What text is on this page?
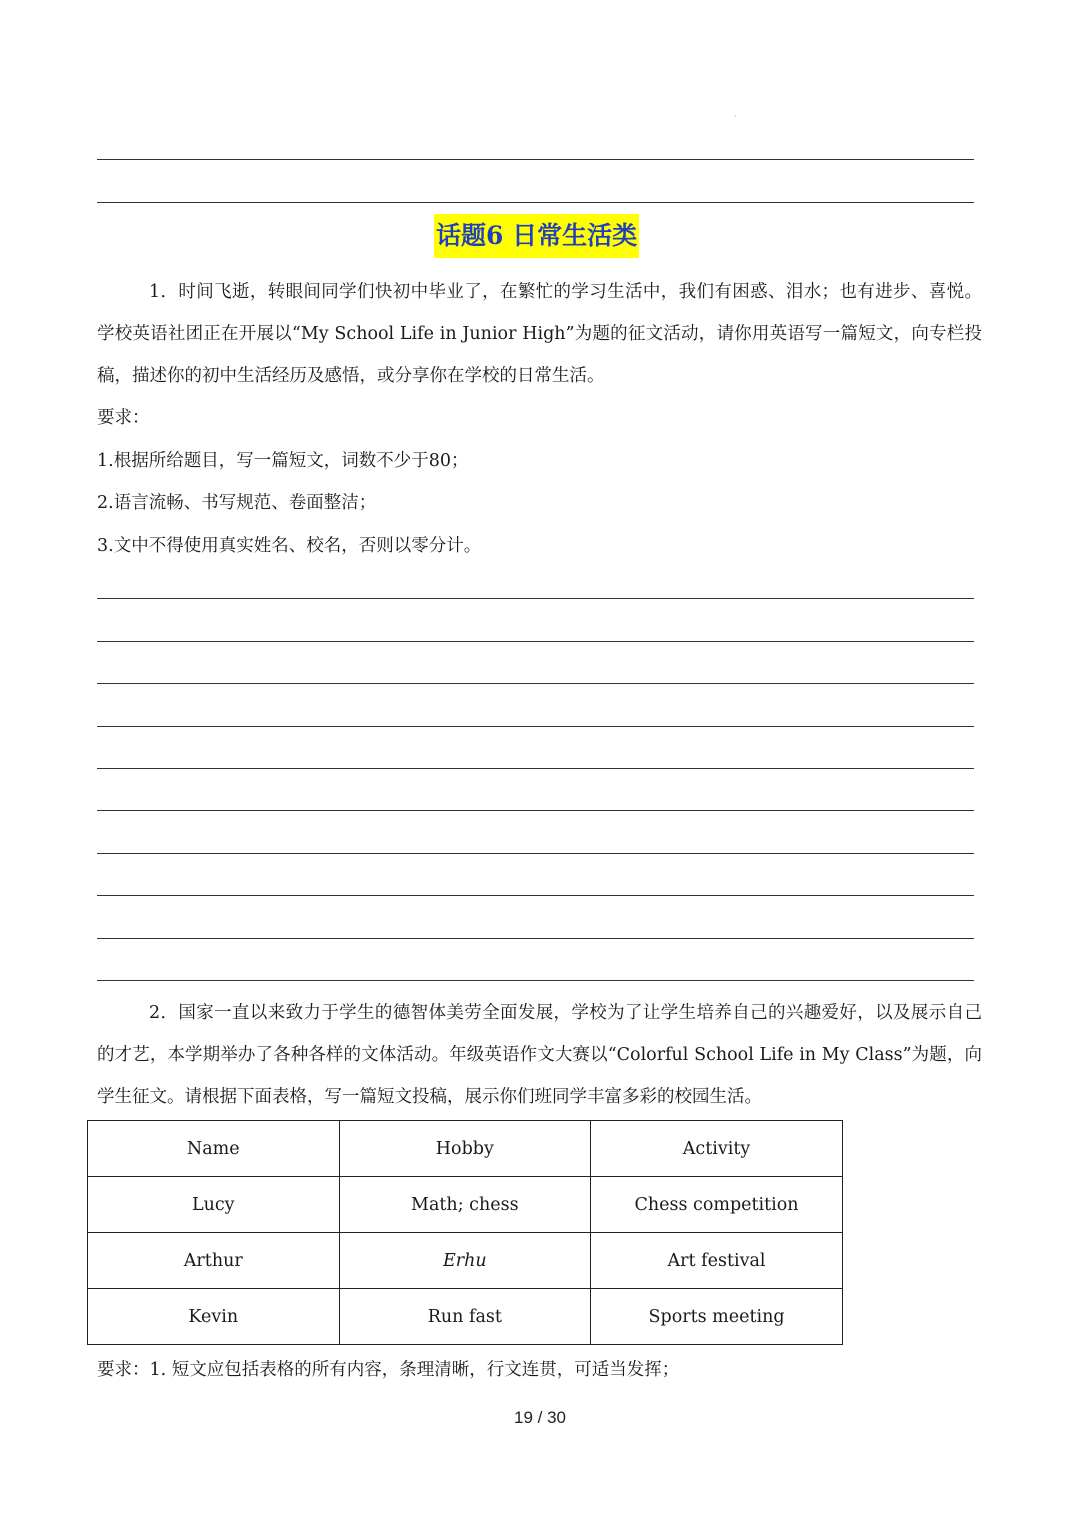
·
话题6 日常生活类
1．时间飞逝，转眼间同学们快初中毕业了，在繁忙的学习生活中，我们有困惑、泪水；也有进步、喜悦。学校英语社团正在开展以“My School Life in Junior High”为题的征文活动，请你用英语写一篇短文，向专栏投稿，描述你的初中生活经历及感悟，或分享你在学校的日常生活。
要求：
1.根据所给题目，写一篇短文，词数不少于80；
2.语言流畅、书写规范、卷面整洁；
3.文中不得使用真实姓名、校名，否则以零分计。
2．国家一直以来致力于学生的德智体美劳全面发展，学校为了让学生培养自己的兴趣爱好，以及展示自己的才艺，本学期举办了各种各样的文体活动。年级英语作文大赛以“Colorful School Life in My Class”为题，向学生征文。请根据下面表格，写一篇短文投稿，展示你们班同学丰富多彩的校园生活。
Name	Hobby	Activity
Lucy	Math; chess	Chess competition
Arthur	Erhu	Art festival
Kevin	Run fast	Sports meeting
要求：1. 短文应包括表格的所有内容，条理清晰，行文连贯，可适当发挥；
19 / 30
